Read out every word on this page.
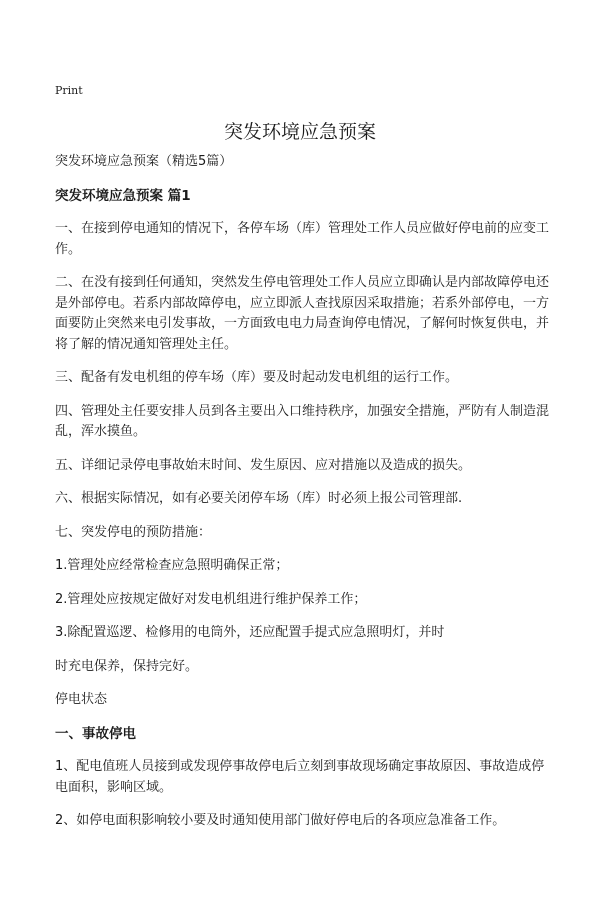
Print
突发环境应急预案

突发环境应急预案（精选5篇）

突发环境应急预案 篇1

一、在接到停电通知的情况下，各停车场（库）管理处工作人员应做好停电前的应变工作。

二、在没有接到任何通知，突然发生停电管理处工作人员应立即确认是内部故障停电还是外部停电。若系内部故障停电，应立即派人查找原因采取措施；若系外部停电，一方面要防止突然来电引发事故，一方面致电电力局查询停电情况，了解何时恢复供电，并将了解的情况通知管理处主任。

三、配备有发电机组的停车场（库）要及时起动发电机组的运行工作。

四、管理处主任要安排人员到各主要出入口维持秩序，加强安全措施，严防有人制造混乱，浑水摸鱼。

五、详细记录停电事故始末时间、发生原因、应对措施以及造成的损失。

六、根据实际情况，如有必要关闭停车场（库）时必须上报公司管理部.

七、突发停电的预防措施：

1.管理处应经常检查应急照明确保正常；

2.管理处应按规定做好对发电机组进行维护保养工作；

3.除配置巡逻、检修用的电筒外，还应配置手提式应急照明灯，并时

时充电保养，保持完好。

停电状态

一、事故停电

1、配电值班人员接到或发现停事故停电后立刻到事故现场确定事故原因、事故造成停电面积，影响区域。

2、如停电面积影响较小要及时通知使用部门做好停电后的各项应急准备工作。
